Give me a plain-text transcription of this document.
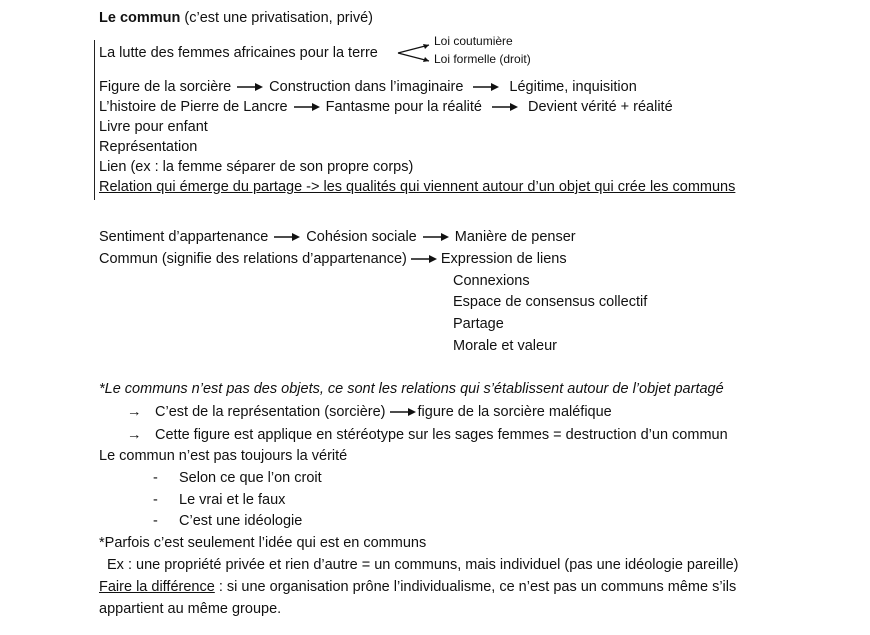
Le commun (c’est une privatisation, privé)
La lutte des femmes africaines pour la terre
Loi coutumière
Loi formelle (droit)
Figure de la sorcière	Construction dans l’imaginaire	Légitime, inquisition
L’histoire de Pierre de Lancre	Fantasme pour la réalité	Devient vérité + réalité
Livre pour enfant
Représentation
Lien (ex : la femme séparer de son propre corps)
Relation qui émerge du partage -> les qualités qui viennent autour d’un objet qui crée les communs
Sentiment d’appartenance	Cohésion sociale	Manière de penser
Commun (signifie des relations d’appartenance) Expression de liens
Connexions
Espace de consensus collectif
Partage
Morale et valeur
*Le communs n’est pas des objets, ce sont les relations qui s’établissent autour de l’objet partagé
→ C’est de la représentation (sorcière) figure de la sorcière maléfique
→ Cette figure est applique en stéréotype sur les sages femmes = destruction d’un commun
Le commun n’est pas toujours la vérité
- Selon ce que l’on croit
- Le vrai et le faux
- C’est une idéologie
*Parfois c’est seulement l’idée qui est en communs
Ex : une propriété privée et rien d’autre = un communs, mais individuel (pas une idéologie pareille)
Faire la différence : si une organisation prône l’individualisme, ce n’est pas un communs même s’ils
appartient au même groupe.
